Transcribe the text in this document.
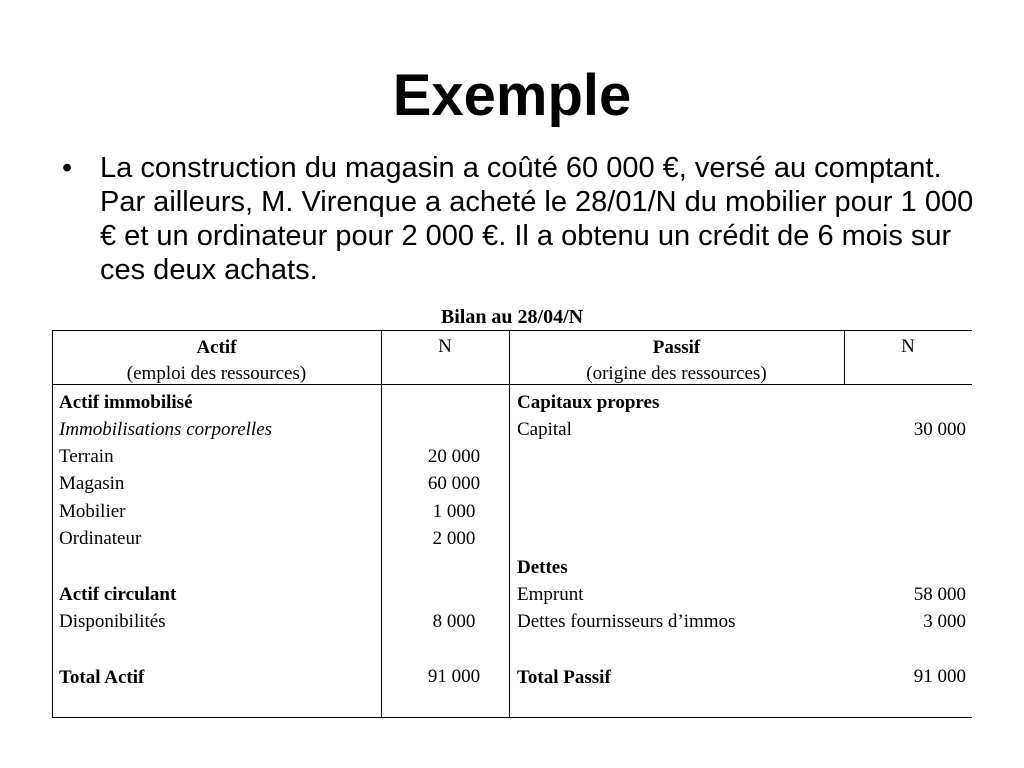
Exemple
• La construction du magasin a coûté 60 000 €, versé au comptant. Par ailleurs, M. Virenque a acheté le 28/01/N du mobilier pour 1 000 € et un ordinateur pour 2 000 €. Il a obtenu un crédit de 6 mois sur ces deux achats.
Bilan au 28/04/N
Actif
(emploi des ressources)
N	Passif
(origine des ressources)
N
Actif immobilisé
Immobilisations corporelles
Terrain
Magasin
Mobilier
Ordinateur
Actif circulant
Disponibilités
Total Actif
20 000
60 000
1 000
2 000
8 000
91 000
Capitaux propres
Capital
Dettes
Emprunt
Dettes fournisseurs d’immos
Total Passif
30 000
58 000
3 000
91 000
